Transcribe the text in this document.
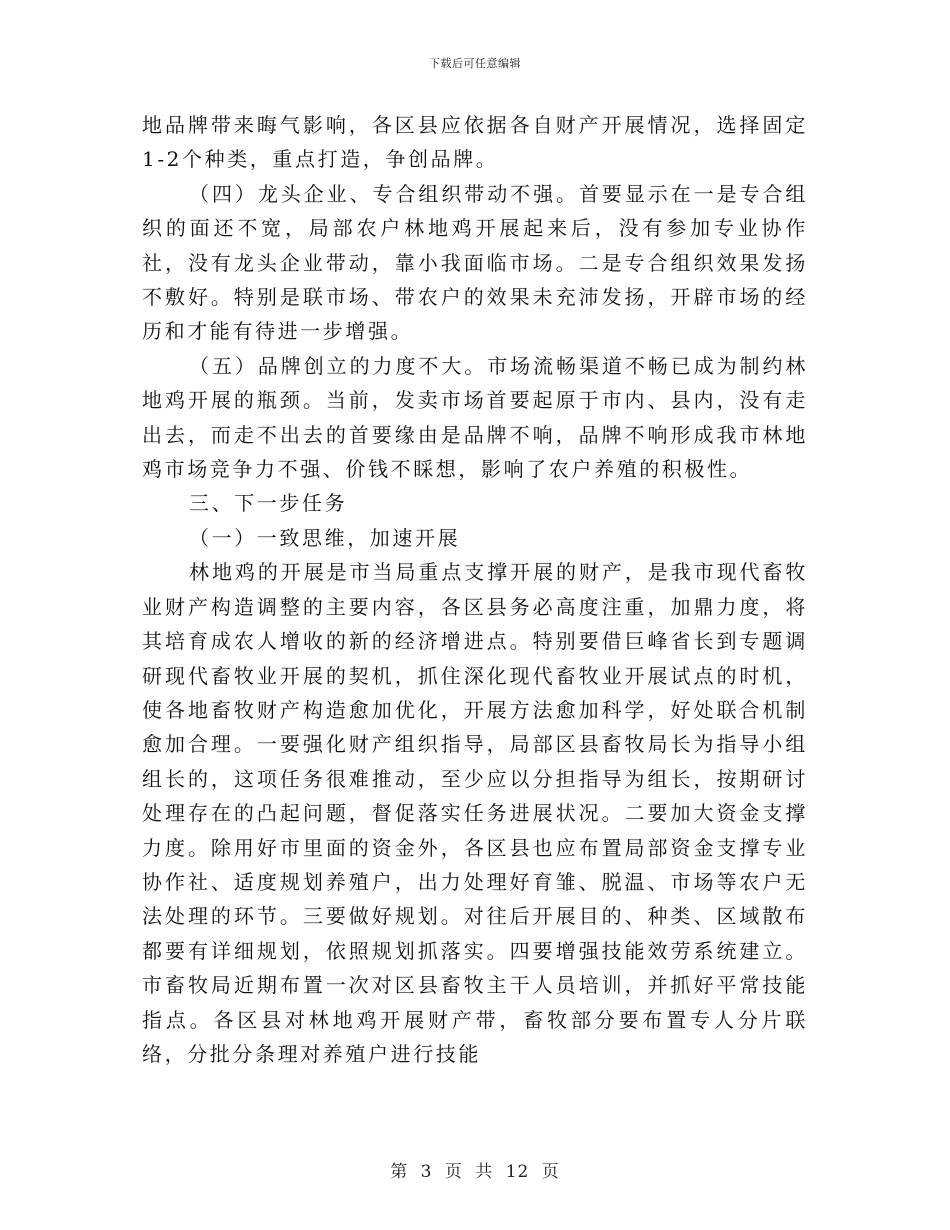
下载后可任意编辑

地品牌带来晦气影响，各区县应依据各自财产开展情况，选择固定1-2个种类，重点打造，争创品牌。

（四）龙头企业、专合组织带动不强。首要显示在一是专合组织的面还不宽，局部农户林地鸡开展起来后，没有参加专业协作社，没有龙头企业带动，靠小我面临市场。二是专合组织效果发扬不敷好。特别是联市场、带农户的效果未充沛发扬，开辟市场的经历和才能有待进一步增强。

（五）品牌创立的力度不大。市场流畅渠道不畅已成为制约林地鸡开展的瓶颈。当前，发卖市场首要起原于市内、县内，没有走出去，而走不出去的首要缘由是品牌不响，品牌不响形成我市林地鸡市场竞争力不强、价钱不睬想，影响了农户养殖的积极性。

三、下一步任务

（一）一致思维，加速开展

林地鸡的开展是市当局重点支撑开展的财产，是我市现代畜牧业财产构造调整的主要内容，各区县务必高度注重，加鼎力度，将其培育成农人增收的新的经济增进点。特别要借巨峰省长到专题调研现代畜牧业开展的契机，抓住深化现代畜牧业开展试点的时机，使各地畜牧财产构造愈加优化，开展方法愈加科学，好处联合机制愈加合理。一要强化财产组织指导，局部区县畜牧局长为指导小组组长的，这项任务很难推动，至少应以分担指导为组长，按期研讨处理存在的凸起问题，督促落实任务进展状况。二要加大资金支撑力度。除用好市里面的资金外，各区县也应布置局部资金支撑专业协作社、适度规划养殖户，出力处理好育雏、脱温、市场等农户无法处理的环节。三要做好规划。对往后开展目的、种类、区域散布都要有详细规划，依照规划抓落实。四要增强技能效劳系统建立。市畜牧局近期布置一次对区县畜牧主干人员培训，并抓好平常技能指点。各区县对林地鸡开展财产带，畜牧部分要布置专人分片联络，分批分条理对养殖户进行技能

第 3 页 共 12 页
